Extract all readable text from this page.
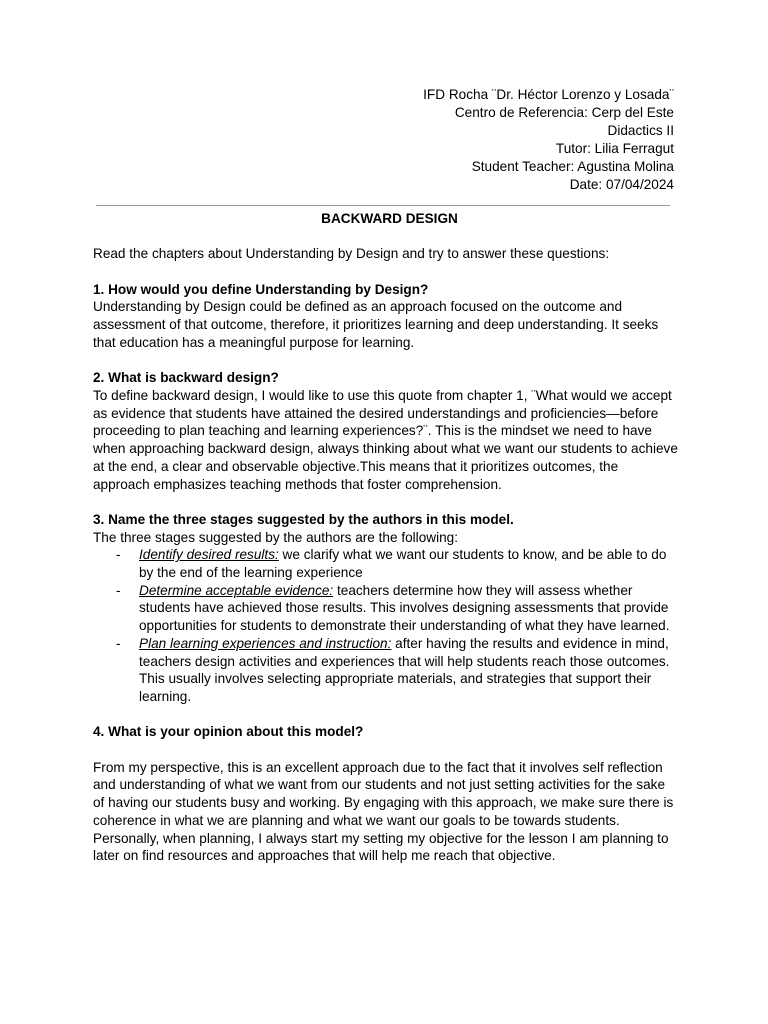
IFD Rocha ¨Dr. Héctor Lorenzo y Losada¨
Centro de Referencia: Cerp del Este
Didactics II
Tutor: Lilia Ferragut
Student Teacher: Agustina Molina
Date: 07/04/2024

BACKWARD DESIGN

Read the chapters about Understanding by Design and try to answer these questions:

1. How would you define Understanding by Design?

Understanding by Design could be defined as an approach focused on the outcome and assessment of that outcome, therefore, it prioritizes learning and deep understanding. It seeks that education has a meaningful purpose for learning.

2. What is backward design?

To define backward design, I would like to use this quote from chapter 1, ¨What would we accept as evidence that students have attained the desired understandings and proficiencies—before proceeding to plan teaching and learning experiences?¨. This is the mindset we need to have when approaching backward design, always thinking about what we want our students to achieve at the end, a clear and observable objective.This means that it prioritizes outcomes, the approach emphasizes teaching methods that foster comprehension.

3. Name the three stages suggested by the authors in this model.

The three stages suggested by the authors are the following:

- Identify desired results: we clarify what we want our students to know, and be able to do by the end of the learning experience
- Determine acceptable evidence: teachers determine how they will assess whether students have achieved those results. This involves designing assessments that provide opportunities for students to demonstrate their understanding of what they have learned.
- Plan learning experiences and instruction: after having the results and evidence in mind, teachers design activities and experiences that will help students reach those outcomes. This usually involves selecting appropriate materials, and strategies that support their learning.

4. What is your opinion about this model?

From my perspective, this is an excellent approach due to the fact that it involves self reflection and understanding of what we want from our students and not just setting activities for the sake of having our students busy and working. By engaging with this approach, we make sure there is coherence in what we are planning and what we want our goals to be towards students. Personally, when planning, I always start my setting my objective for the lesson I am planning to later on find resources and approaches that will help me reach that objective.
